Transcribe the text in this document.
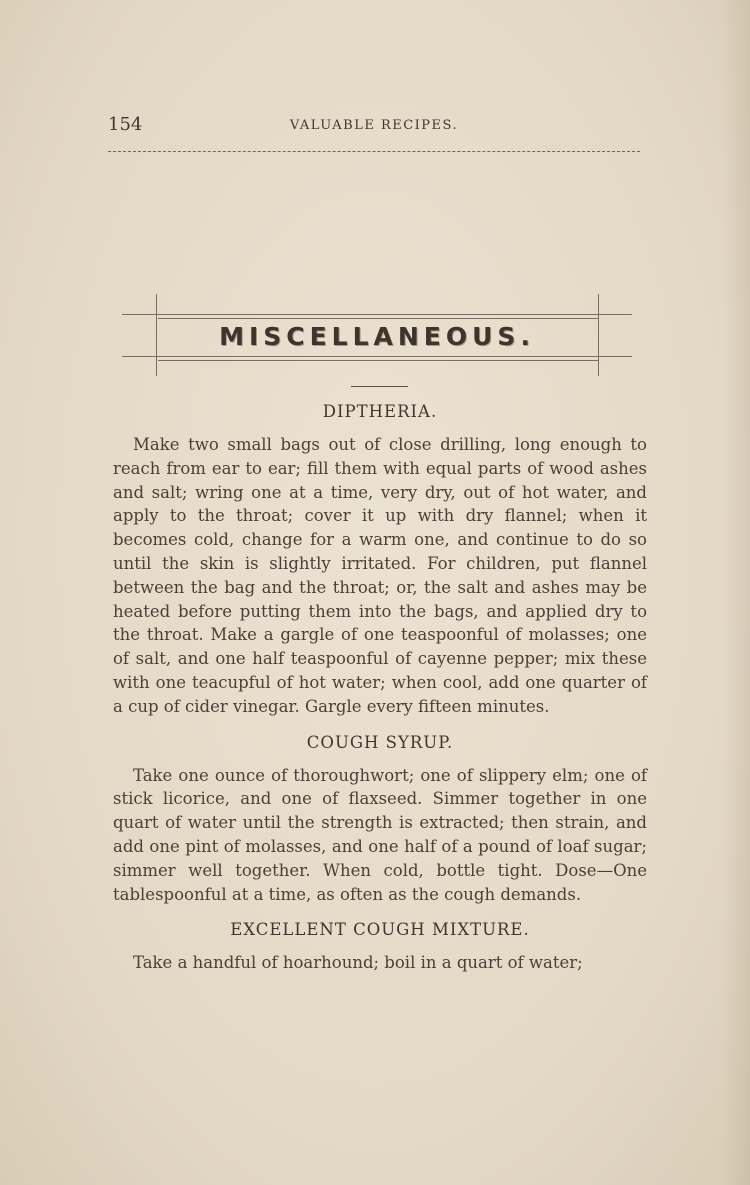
154	VALUABLE RECIPES.
MISCELLANEOUS.
DIPTHERIA.

Make two small bags out of close drilling, long enough to reach from ear to ear; fill them with equal parts of wood ashes and salt; wring one at a time, very dry, out of hot water, and apply to the throat; cover it up with dry flannel; when it becomes cold, change for a warm one, and continue to do so until the skin is slightly irritated. For children, put flannel between the bag and the throat; or, the salt and ashes may be heated before putting them into the bags, and applied dry to the throat. Make a gargle of one teaspoonful of molasses; one of salt, and one half teaspoonful of cayenne pepper; mix these with one teacupful of hot water; when cool, add one quarter of a cup of cider vinegar. Gargle every fifteen minutes.

COUGH SYRUP.

Take one ounce of thoroughwort; one of slippery elm; one of stick licorice, and one of flaxseed. Simmer together in one quart of water until the strength is extracted; then strain, and add one pint of molasses, and one half of a pound of loaf sugar; simmer well together. When cold, bottle tight. Dose—One tablespoonful at a time, as often as the cough demands.

EXCELLENT COUGH MIXTURE.

Take a handful of hoarhound; boil in a quart of water;
